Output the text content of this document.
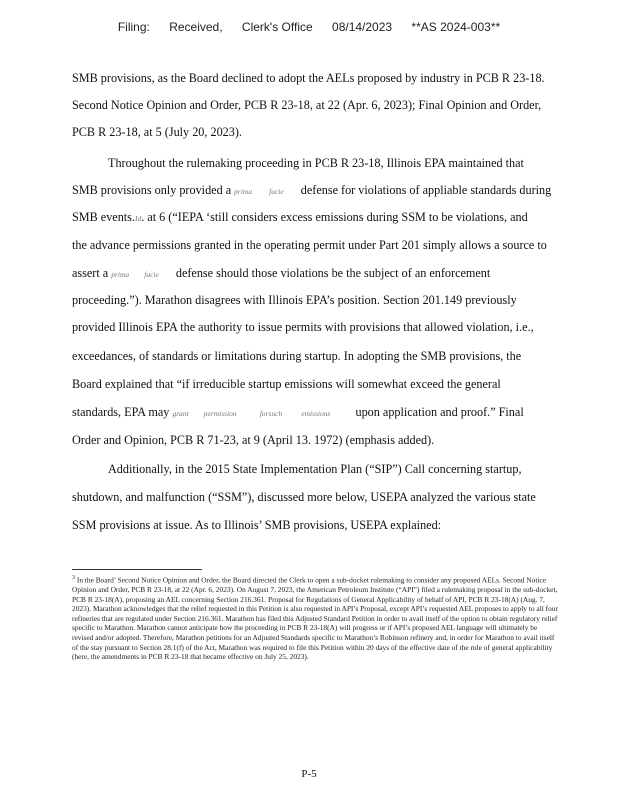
Filing: Received, Clerk's Office 08/14/2023 **AS 2024-003**
SMB provisions, as the Board declined to adopt the AELs proposed by industry in PCB R 23-18.
Second Notice Opinion and Order, PCB R 23-18, at 22 (Apr. 6, 2023); Final Opinion and Order,
PCB R 23-18, at 5 (July 20, 2023).
Throughout the rulemaking proceeding in PCB R 23-18, Illinois EPA maintained that
SMB provisions only provided a prima facie defense for violations of appliable standards during
SMB events.Id. at 6 (“IEPA ‘still considers excess emissions during SSM to be violations, and
the advance permissions granted in the operating permit under Part 201 simply allows a source to
assert a prima facie defense should those violations be the subject of an enforcement
proceeding.”). Marathon disagrees with Illinois EPA’s position. Section 201.149 previously
provided Illinois EPA the authority to issue permits with provisions that allowed violation, i.e.,
exceedances, of standards or limitations during startup. In adopting the SMB provisions, the
Board explained that “if irreducible startup emissions will somewhat exceed the general
standards, EPA may grant permission	forsuch	emissions upon application and proof.” Final
Order and Opinion, PCB R 71-23, at 9 (April 13. 1972) (emphasis added).
Additionally, in the 2015 State Implementation Plan (“SIP”) Call concerning startup,
shutdown, and malfunction (“SSM”), discussed more below, USEPA analyzed the various state
SSM provisions at issue. As to Illinois’ SMB provisions, USEPA explained:
$^3$ In the Board’ Second Notice Opinion and Order, the Board directed the Clerk to open a sub-docket rulemaking to consider any proposed AELs. Second Notice Opinion and Order, PCB R 23-18, at 22 (Apr. 6, 2023). On August 7, 2023, the American Petroleum Institute (“API”) filed a rulemaking proposal in the sub-docket, PCB R 23-18(A), proposing an AEL concerning Section 216.361. Proposal for Regulations of General Applicability of behalf of API, PCB R 23-18(A) (Aug. 7, 2023). Marathon acknowledges that the relief requested in this Petition is also requested in API’s Proposal, except API’s requested AEL proposes to apply to all four refineries that are regulated under Section 216.361. Marathon has filed this Adjusted Standard Petition in order to avail itself of the option to obtain regulatory relief specific to Marathon. Marathon cannot anticipate how the proceeding in PCB R 23-18(A) will progress or if API’s proposed AEL language will ultimately be revised and/or adopted. Therefore, Marathon petitions for an Adjusted Standards specific to Marathon’s Robinson refinery and, in order for Marathon to avail itself of the stay pursuant to Section 28.1(f) of the Act, Marathon was required to file this Petition within 20 days of the effective date of the rule of general applicability (here, the amendments in PCB R 23-18 that became effective on July 25, 2023).
P-5
